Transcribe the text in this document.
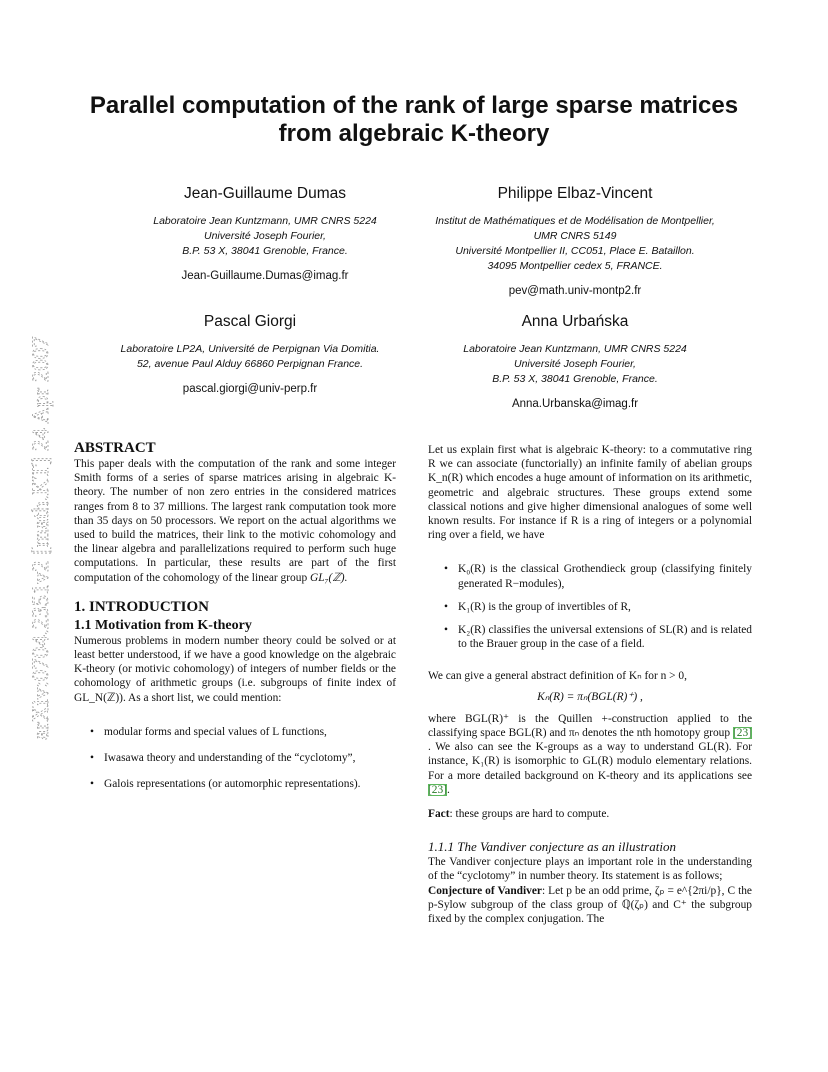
arXiv:0704.2351v2 [math.KT] 24 Apr 2007
Parallel computation of the rank of large sparse matrices
from algebraic K-theory
Jean-Guillaume Dumas
Laboratoire Jean Kuntzmann, UMR CNRS 5224
Université Joseph Fourier,
B.P. 53 X, 38041 Grenoble, France.
Jean-Guillaume.Dumas@imag.fr
Philippe Elbaz-Vincent
Institut de Mathématiques et de Modélisation de Montpellier,
UMR CNRS 5149
Université Montpellier II, CC051, Place E. Bataillon.
34095 Montpellier cedex 5, FRANCE.
pev@math.univ-montp2.fr
Pascal Giorgi
Laboratoire LP2A, Université de Perpignan Via Domitia.
52, avenue Paul Alduy 66860 Perpignan France.
pascal.giorgi@univ-perp.fr
Anna Urbańska
Laboratoire Jean Kuntzmann, UMR CNRS 5224
Université Joseph Fourier,
B.P. 53 X, 38041 Grenoble, France.
Anna.Urbanska@imag.fr
ABSTRACT
This paper deals with the computation of the rank and some integer Smith forms of a series of sparse matrices arising in algebraic K-theory. The number of non zero entries in the considered matrices ranges from 8 to 37 millions. The largest rank computation took more than 35 days on 50 processors. We report on the actual algorithms we used to build the matrices, their link to the motivic cohomology and the linear algebra and parallelizations required to perform such huge computations. In particular, these results are part of the first computation of the cohomology of the linear group GL₇(ℤ).
1. INTRODUCTION
1.1 Motivation from K-theory
Numerous problems in modern number theory could be solved or at least better understood, if we have a good knowledge on the algebraic K-theory (or motivic cohomology) of integers of number fields or the cohomology of arithmetic groups (i.e. subgroups of finite index of GL_N(ℤ)). As a short list, we could mention:
• modular forms and special values of L functions,
• Iwasawa theory and understanding of the “cyclotomy”,
• Galois representations (or automorphic representations).
Let us explain first what is algebraic K-theory: to a commutative ring R we can associate (functorially) an infinite family of abelian groups K_n(R) which encodes a huge amount of information on its arithmetic, geometric and algebraic structures. These groups extend some classical notions and give higher dimensional analogues of some well known results. For instance if R is a ring of integers or a polynomial ring over a field, we have
• K₀(R) is the classical Grothendieck group (classifying finitely generated R−modules),
• K₁(R) is the group of invertibles of R,
• K₂(R) classifies the universal extensions of SL(R) and is related to the Brauer group in the case of a field.
We can give a general abstract definition of Kₙ for n > 0,
Kₙ(R) = πₙ(BGL(R)⁺) ,
where BGL(R)⁺ is the Quillen +-construction applied to the classifying space BGL(R) and πₙ denotes the nth homotopy group [23] . We also can see the K-groups as a way to understand GL(R). For instance, K₁(R) is isomorphic to GL(R) modulo elementary relations. For a more detailed background on K-theory and its applications see [23].
Fact: these groups are hard to compute.
1.1.1 The Vandiver conjecture as an illustration
The Vandiver conjecture plays an important role in the understanding of the “cyclotomy” in number theory. Its statement is as follows;
Conjecture of Vandiver: Let p be an odd prime, ζₚ = e^{2πi/p}, C the p-Sylow subgroup of the class group of ℚ(ζₚ) and C⁺ the subgroup fixed by the complex conjugation. The
